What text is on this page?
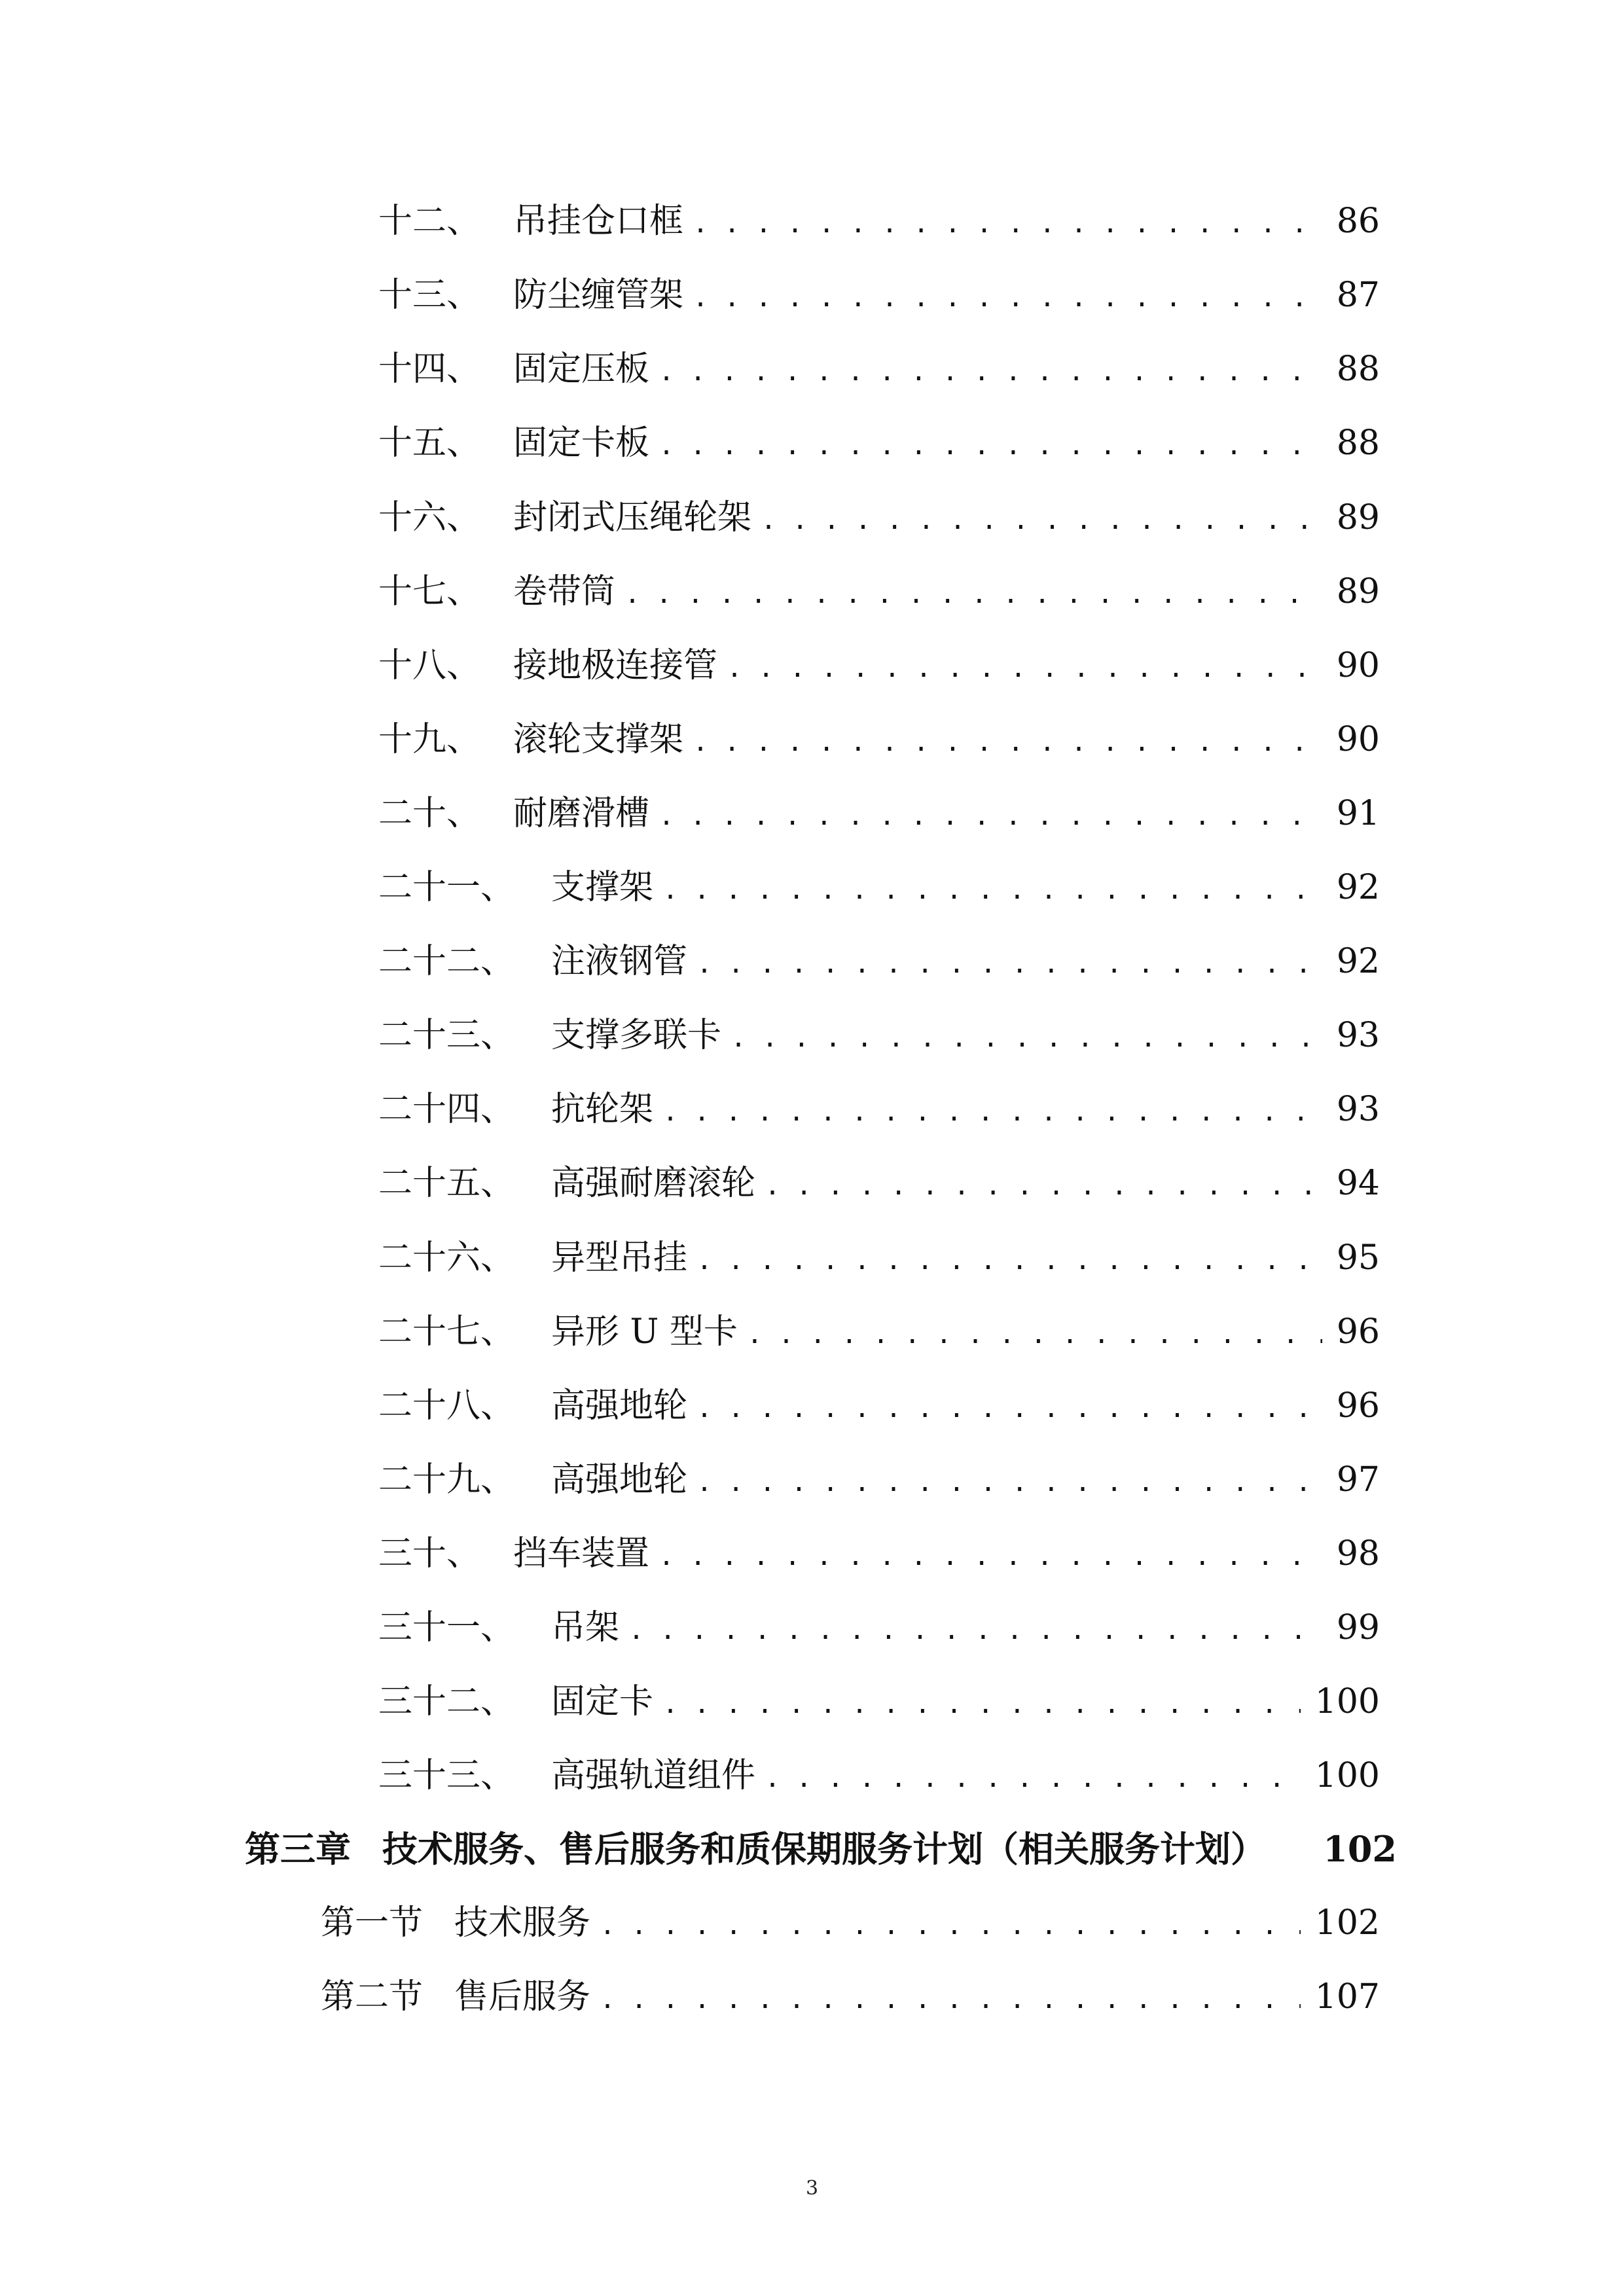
十二、 吊挂仓口框 . . .	86
十三、 防尘缠管架 . . .	87
十四、 固定压板 . . .	88
十五、 固定卡板 . . .	88
十六、 封闭式压绳轮架 . . .	89
十七、 卷带筒 . . .	89
十八、 接地极连接管 . . .	90
十九、 滚轮支撑架 . . .	90
二十、 耐磨滑槽 . . .	91
二十一、	支撑架 . . .	92
二十二、	注液钢管 . . .	92
二十三、	支撑多联卡 . . .	93
二十四、	抗轮架 . . .	93
二十五、	高强耐磨滚轮 . . .	94
二十六、	异型吊挂 . . .	95
二十七、	异形 U 型卡 . . .	96
二十八、	高强地轮 . . .	96
二十九、	高强地轮 . . .	97
三十、 挡车装置 . . .	98
三十一、	吊架 . . .	99
三十二、	固定卡 . . .	100
三十三、	高强轨道组件 . . .	100
第三章 技术服务、售后服务和质保期服务计划（相关服务计划）	102
第一节 技术服务 . . .	102
第二节 售后服务 . . .	107
3
